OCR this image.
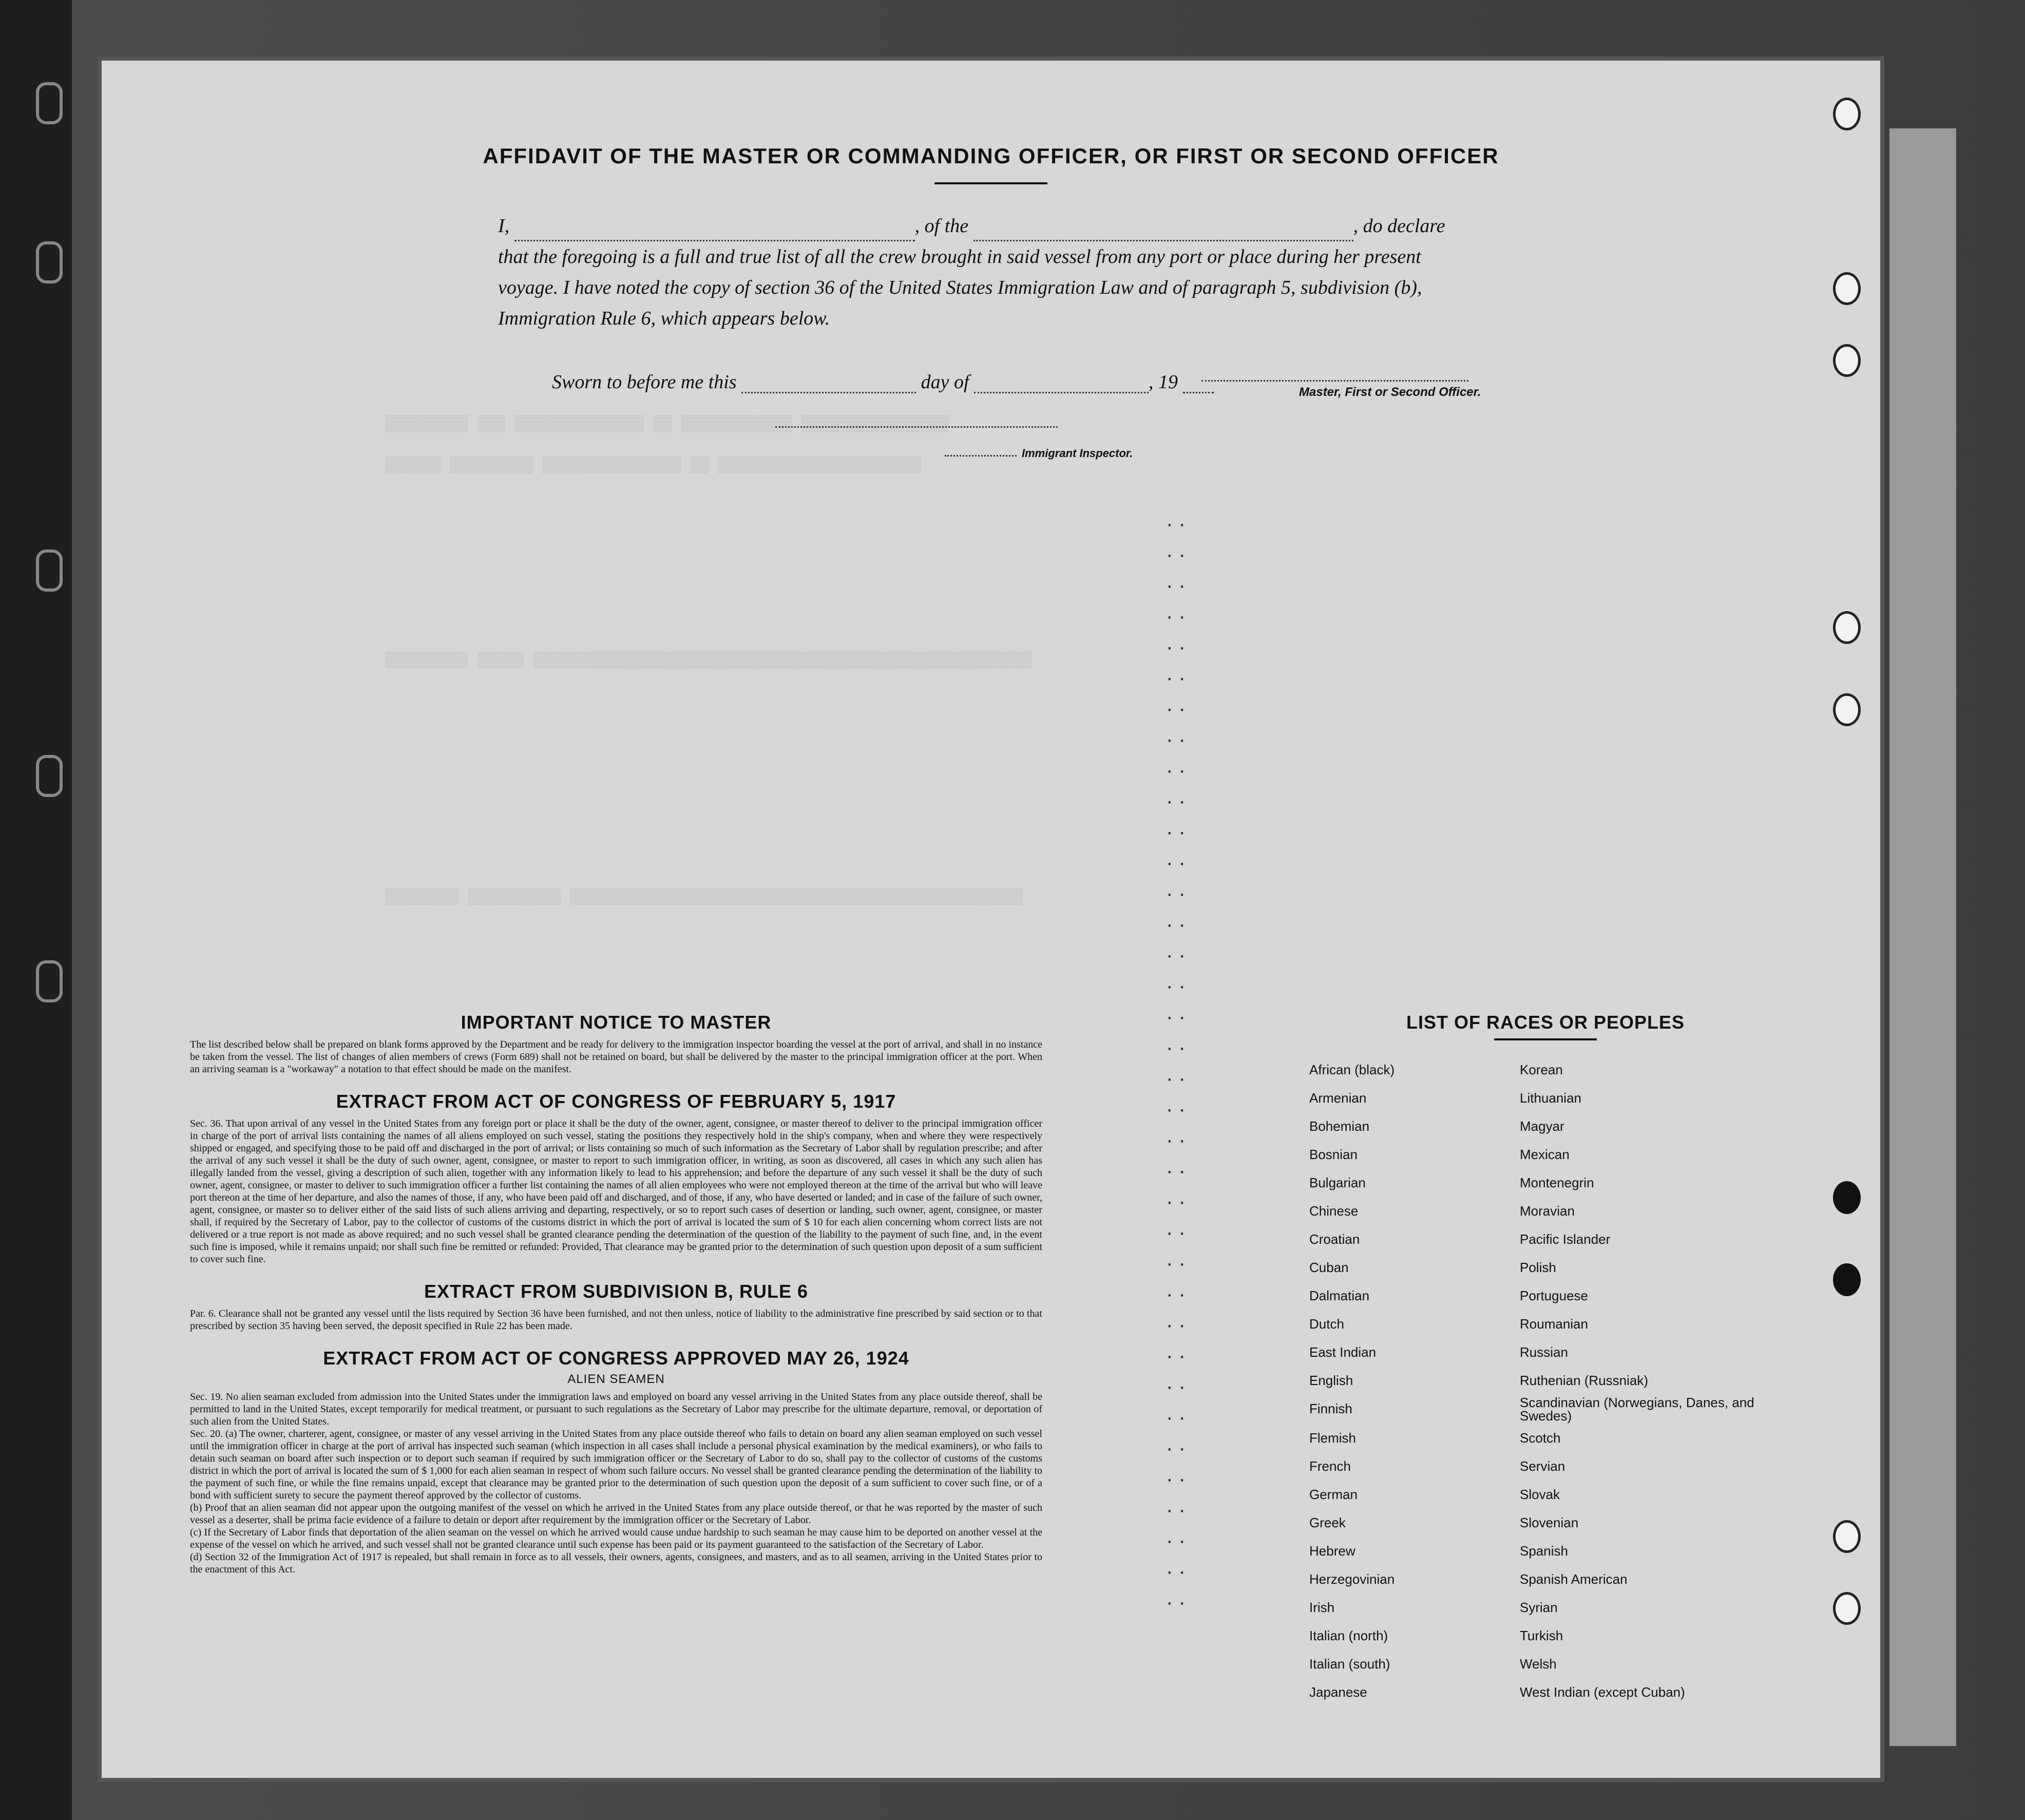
▒▒▒▒▒▒▒▒▒ ▒▒▒ ▒▒▒▒▒▒▒▒▒▒▒▒▒▒ ▒▒ ▒▒▒▒▒▒▒▒▒▒▒▒ ▒▒▒▒▒▒▒▒▒▒▒▒▒▒▒▒
▒▒▒▒▒▒ ▒▒▒▒▒▒▒▒▒ ▒▒▒▒▒▒▒▒▒▒▒▒▒▒▒ ▒▒ ▒▒▒▒▒▒▒▒▒▒▒▒▒▒▒▒▒▒▒▒▒▒
▒▒▒▒▒▒▒▒▒ ▒▒▒▒▒ ▒▒▒▒▒▒▒▒▒▒▒▒▒▒▒▒▒▒▒▒▒▒▒▒▒▒▒▒▒▒▒▒▒▒▒▒▒▒▒▒▒▒▒▒▒▒▒▒▒▒▒▒▒▒
▒▒▒▒▒▒▒▒ ▒▒▒▒▒▒▒▒▒▒ ▒▒▒▒▒▒▒▒▒▒▒▒▒▒▒▒▒▒▒▒▒▒▒▒▒▒▒▒▒▒▒▒▒▒▒▒▒▒▒▒▒▒▒▒▒▒▒▒▒
· ·

· ·

· ·

· ·

· ·

· ·

· ·

· ·

· ·

· ·

· ·

· ·

· ·

· ·

· ·

· ·

· ·

· ·

· ·

· ·

· ·

· ·

· ·

· ·

· ·

· ·

· ·

· ·

· ·

· ·

· ·

· ·

· ·

· ·

· ·

· ·
AFFIDAVIT OF THE MASTER OR COMMANDING OFFICER, OR FIRST OR SECOND OFFICER
I,	, of the	, do declare
that the foregoing is a full and true list of all the crew brought in said vessel from any port or place during her present
voyage. I have noted the copy of section 36 of the United States Immigration Law and of paragraph 5, subdivision (b),
Immigration Rule 6, which appears below.
Master, First or Second Officer.
Sworn to before me this	day of	, 19
Immigrant Inspector.
IMPORTANT NOTICE TO MASTER

The list described below shall be prepared on blank forms approved by the Department and be ready for delivery to the immigration inspector boarding the vessel at the port of arrival, and shall in no instance be taken from the vessel. The list of changes of alien members of crews (Form 689) shall not be retained on board, but shall be delivered by the master to the principal immigration officer at the port. When an arriving seaman is a "workaway" a notation to that effect should be made on the manifest.

EXTRACT FROM ACT OF CONGRESS OF FEBRUARY 5, 1917

Sec. 36. That upon arrival of any vessel in the United States from any foreign port or place it shall be the duty of the owner, agent, consignee, or master thereof to deliver to the principal immigration officer in charge of the port of arrival lists containing the names of all aliens employed on such vessel, stating the positions they respectively hold in the ship's company, when and where they were respectively shipped or engaged, and specifying those to be paid off and discharged in the port of arrival; or lists containing so much of such information as the Secretary of Labor shall by regulation prescribe; and after the arrival of any such vessel it shall be the duty of such owner, agent, consignee, or master to report to such immigration officer, in writing, as soon as discovered, all cases in which any such alien has illegally landed from the vessel, giving a description of such alien, together with any information likely to lead to his apprehension; and before the departure of any such vessel it shall be the duty of such owner, agent, consignee, or master to deliver to such immigration officer a further list containing the names of all alien employees who were not employed thereon at the time of the arrival but who will leave port thereon at the time of her departure, and also the names of those, if any, who have been paid off and discharged, and of those, if any, who have deserted or landed; and in case of the failure of such owner, agent, consignee, or master so to deliver either of the said lists of such aliens arriving and departing, respectively, or so to report such cases of desertion or landing, such owner, agent, consignee, or master shall, if required by the Secretary of Labor, pay to the collector of customs of the customs district in which the port of arrival is located the sum of $ 10 for each alien concerning whom correct lists are not delivered or a true report is not made as above required; and no such vessel shall be granted clearance pending the determination of the question of the liability to the payment of such fine, and, in the event such fine is imposed, while it remains unpaid; nor shall such fine be remitted or refunded: Provided, That clearance may be granted prior to the determination of such question upon deposit of a sum sufficient to cover such fine.

EXTRACT FROM SUBDIVISION B, RULE 6

Par. 6. Clearance shall not be granted any vessel until the lists required by Section 36 have been furnished, and not then unless, notice of liability to the administrative fine prescribed by said section or to that prescribed by section 35 having been served, the deposit specified in Rule 22 has been made.

EXTRACT FROM ACT OF CONGRESS APPROVED MAY 26, 1924
ALIEN SEAMEN

Sec. 19. No alien seaman excluded from admission into the United States under the immigration laws and employed on board any vessel arriving in the United States from any place outside thereof, shall be permitted to land in the United States, except temporarily for medical treatment, or pursuant to such regulations as the Secretary of Labor may prescribe for the ultimate departure, removal, or deportation of such alien from the United States.

Sec. 20. (a) The owner, charterer, agent, consignee, or master of any vessel arriving in the United States from any place outside thereof who fails to detain on board any alien seaman employed on such vessel until the immigration officer in charge at the port of arrival has inspected such seaman (which inspection in all cases shall include a personal physical examination by the medical examiners), or who fails to detain such seaman on board after such inspection or to deport such seaman if required by such immigration officer or the Secretary of Labor to do so, shall pay to the collector of customs of the customs district in which the port of arrival is located the sum of $ 1,000 for each alien seaman in respect of whom such failure occurs. No vessel shall be granted clearance pending the determination of the liability to the payment of such fine, or while the fine remains unpaid, except that clearance may be granted prior to the determination of such question upon the deposit of a sum sufficient to cover such fine, or of a bond with sufficient surety to secure the payment thereof approved by the collector of customs.

(b) Proof that an alien seaman did not appear upon the outgoing manifest of the vessel on which he arrived in the United States from any place outside thereof, or that he was reported by the master of such vessel as a deserter, shall be prima facie evidence of a failure to detain or deport after requirement by the immigration officer or the Secretary of Labor.

(c) If the Secretary of Labor finds that deportation of the alien seaman on the vessel on which he arrived would cause undue hardship to such seaman he may cause him to be deported on another vessel at the expense of the vessel on which he arrived, and such vessel shall not be granted clearance until such expense has been paid or its payment guaranteed to the satisfaction of the Secretary of Labor.

(d) Section 32 of the Immigration Act of 1917 is repealed, but shall remain in force as to all vessels, their owners, agents, consignees, and masters, and as to all seamen, arriving in the United States prior to the enactment of this Act.

LIST OF RACES OR PEOPLES
African (black)	Korean
Armenian	Lithuanian
Bohemian	Magyar
Bosnian	Mexican
Bulgarian	Montenegrin
Chinese	Moravian
Croatian	Pacific Islander
Cuban	Polish
Dalmatian	Portuguese
Dutch	Roumanian
East Indian	Russian
English	Ruthenian (Russniak)
Finnish	Scandinavian (Norwegians, Danes, and Swedes)
Flemish	Scotch
French	Servian
German	Slovak
Greek	Slovenian
Hebrew	Spanish
Herzegovinian	Spanish American
Irish	Syrian
Italian (north)	Turkish
Italian (south)	Welsh
Japanese	West Indian (except Cuban)
